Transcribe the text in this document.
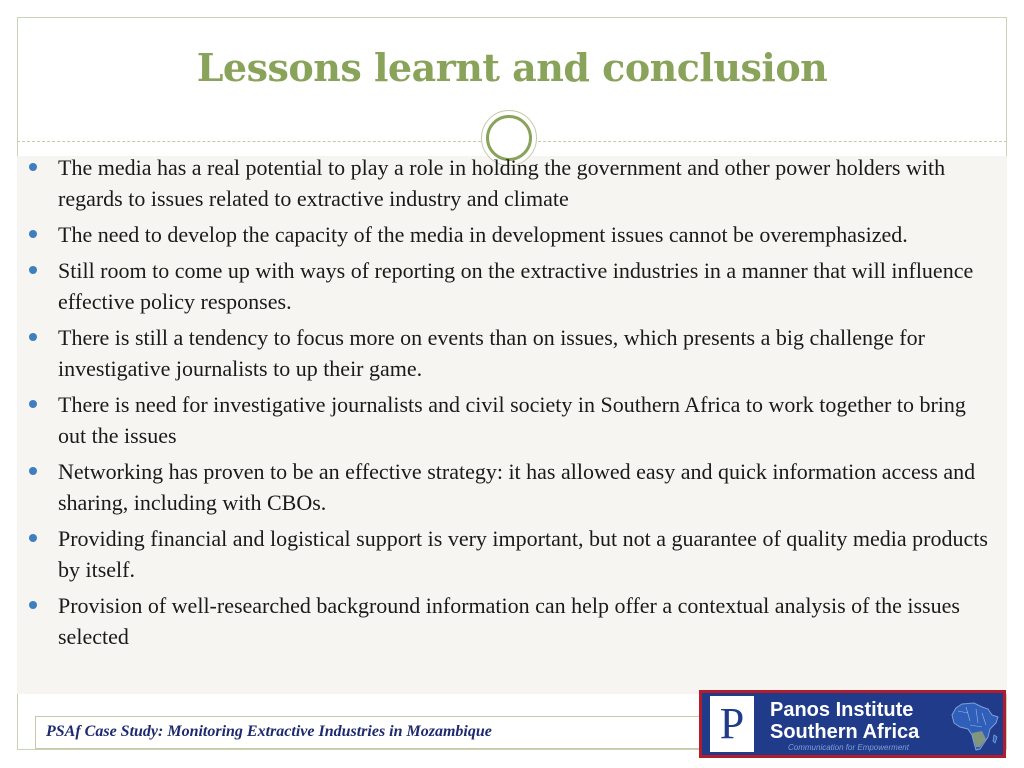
Lessons learnt and conclusion
The media has a real potential to play a role in holding the government and other power holders with regards to issues related to extractive industry and climate
The need to develop the capacity of the media in development issues cannot be overemphasized.
Still room to come up with ways of reporting on the extractive industries in a manner that will influence effective policy responses.
There is still a tendency to focus more on events than on issues, which presents a big challenge for investigative journalists to up their game.
There is need for investigative journalists and civil society in Southern Africa to work together to bring out the issues
Networking has proven to be an effective strategy: it has allowed easy and quick information access and sharing, including with CBOs.
Providing financial and logistical support is very important, but not a guarantee of quality media products by itself.
Provision of well-researched background information can help offer a contextual analysis of the issues selected
PSAf Case Study: Monitoring Extractive Industries in Mozambique	P	Panos Institute
Southern Africa
Communication for Empowerment
